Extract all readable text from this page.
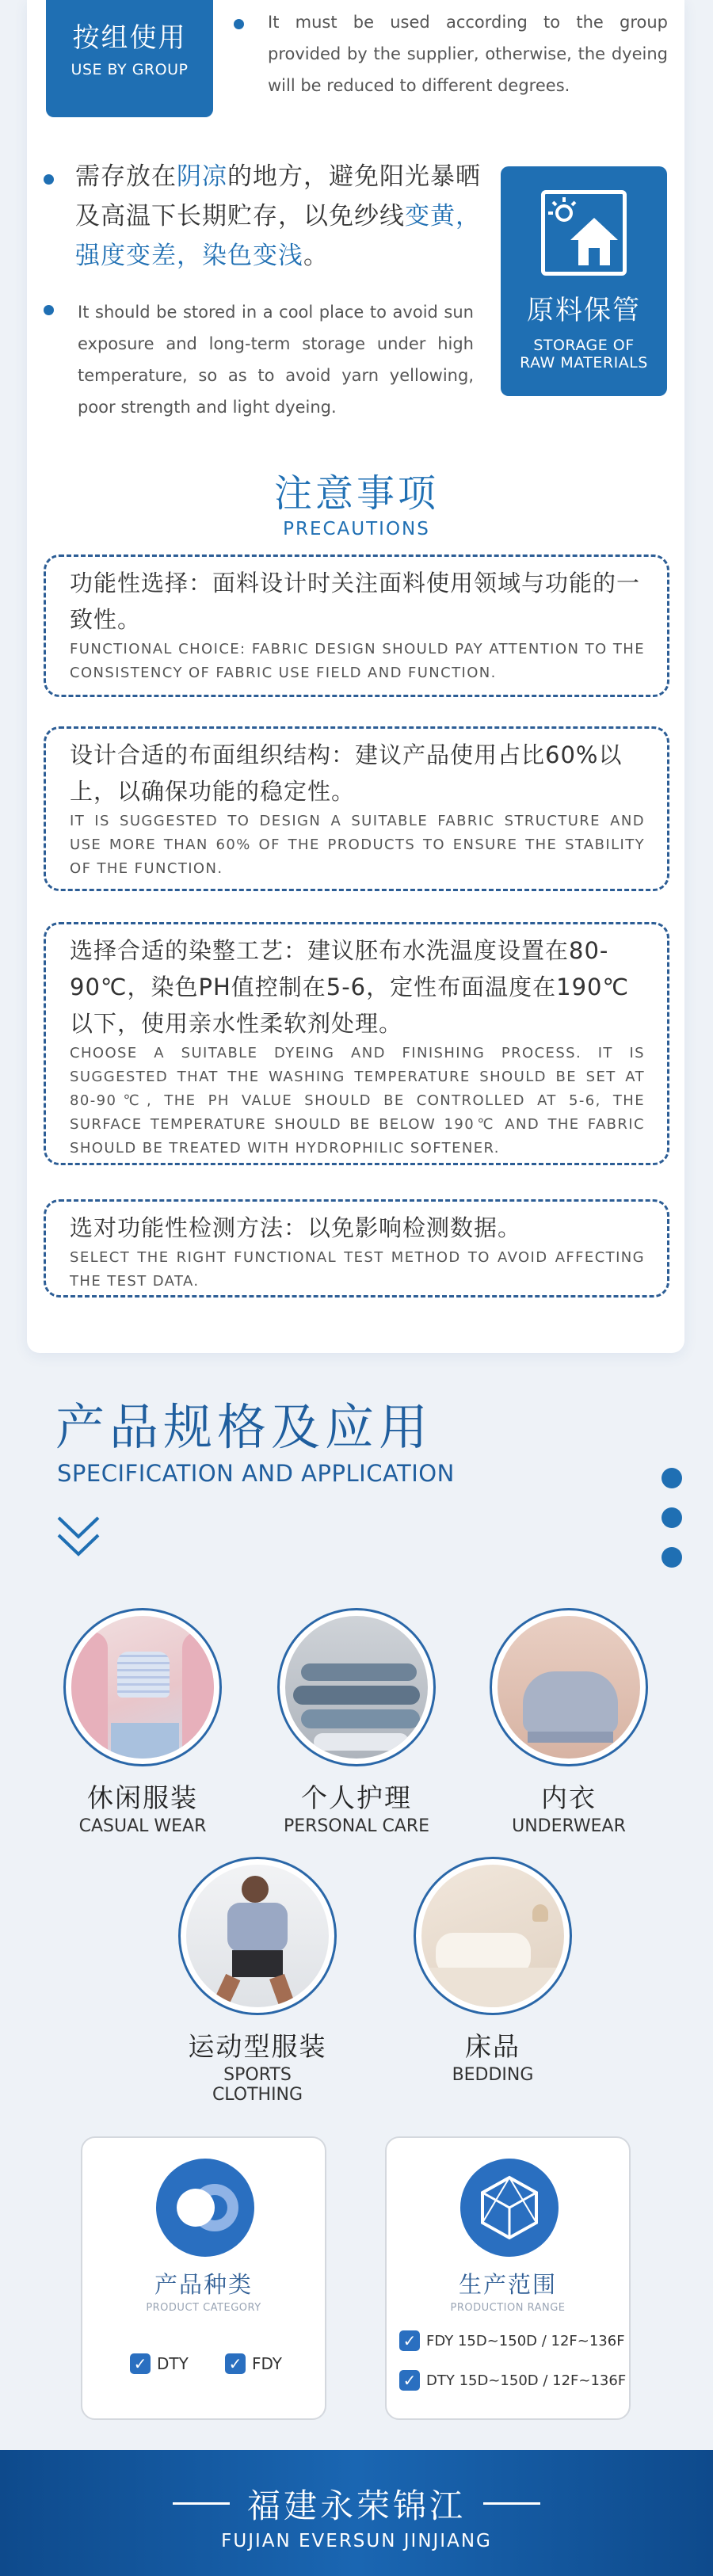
按组使用
USE BY GROUP
It must be used according to the group provided by the supplier, otherwise, the dyeing will be reduced to different degrees.
需存放在阴凉的地方，避免阳光暴晒及高温下长期贮存，以免纱线变黄，强度变差，染色变浅。
It should be stored in a cool place to avoid sun exposure and long-term storage under high temperature, so as to avoid yarn yellowing, poor strength and light dyeing.
原料保管
STORAGE OF
RAW MATERIALS
注意事项
PRECAUTIONS
功能性选择：面料设计时关注面料使用领域与功能的一致性。
FUNCTIONAL CHOICE: FABRIC DESIGN SHOULD PAY ATTENTION TO THE CONSISTENCY OF FABRIC USE FIELD AND FUNCTION.
设计合适的布面组织结构：建议产品使用占比60%以上，以确保功能的稳定性。
IT IS SUGGESTED TO DESIGN A SUITABLE FABRIC STRUCTURE AND USE MORE THAN 60% OF THE PRODUCTS TO ENSURE THE STABILITY OF THE FUNCTION.
选择合适的染整工艺：建议胚布水洗温度设置在80-90℃，染色PH值控制在5-6，定性布面温度在190℃以下，使用亲水性柔软剂处理。
CHOOSE A SUITABLE DYEING AND FINISHING PROCESS. IT IS SUGGESTED THAT THE WASHING TEMPERATURE SHOULD BE SET AT 80-90℃, THE PH VALUE SHOULD BE CONTROLLED AT 5-6, THE SURFACE TEMPERATURE SHOULD BE BELOW 190℃ AND THE FABRIC SHOULD BE TREATED WITH HYDROPHILIC SOFTENER.
选对功能性检测方法：以免影响检测数据。
SELECT THE RIGHT FUNCTIONAL TEST METHOD TO AVOID AFFECTING THE TEST DATA.
产品规格及应用
SPECIFICATION AND APPLICATION
休闲服装
CASUAL WEAR
个人护理
PERSONAL CARE
内衣
UNDERWEAR
运动型服装
SPORTS CLOTHING
床品
BEDDING
产品种类
PRODUCT CATEGORY
✓ DTY	✓ FDY
生产范围
PRODUCTION RANGE
✓ FDY 15D~150D / 12F~136F
✓ DTY 15D~150D / 12F~136F
福建永荣锦江
FUJIAN EVERSUN JINJIANG
